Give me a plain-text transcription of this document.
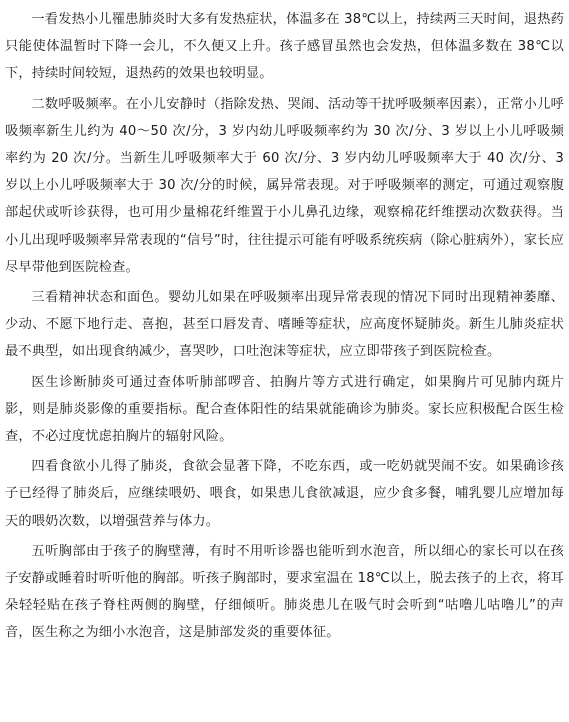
一看发热小儿罹患肺炎时大多有发热症状，体温多在 38℃以上，持续两三天时间，退热药只能使体温暂时下降一会儿，不久便又上升。孩子感冒虽然也会发热，但体温多数在 38℃以下，持续时间较短，退热药的效果也较明显。

二数呼吸频率。在小儿安静时（指除发热、哭闹、活动等干扰呼吸频率因素），正常小儿呼吸频率新生儿约为 40～50 次/分，3 岁内幼儿呼吸频率约为 30 次/分、3 岁以上小儿呼吸频率约为 20 次/分。当新生儿呼吸频率大于 60 次/分、3 岁内幼儿呼吸频率大于 40 次/分、3 岁以上小儿呼吸频率大于 30 次/分的时候，属异常表现。对于呼吸频率的测定，可通过观察腹部起伏或听诊获得，也可用少量棉花纤维置于小儿鼻孔边缘，观察棉花纤维摆动次数获得。当小儿出现呼吸频率异常表现的“信号”时，往往提示可能有呼吸系统疾病（除心脏病外），家长应尽早带他到医院检查。

三看精神状态和面色。婴幼儿如果在呼吸频率出现异常表现的情况下同时出现精神萎靡、少动、不愿下地行走、喜抱，甚至口唇发青、嗜睡等症状，应高度怀疑肺炎。新生儿肺炎症状最不典型，如出现食纳减少，喜哭吵，口吐泡沫等症状，应立即带孩子到医院检查。

医生诊断肺炎可通过查体听肺部啰音、拍胸片等方式进行确定，如果胸片可见肺内斑片影，则是肺炎影像的重要指标。配合查体阳性的结果就能确诊为肺炎。家长应积极配合医生检查，不必过度忧虑拍胸片的辐射风险。

四看食欲小儿得了肺炎，食欲会显著下降，不吃东西，或一吃奶就哭闹不安。如果确诊孩子已经得了肺炎后，应继续喂奶、喂食，如果患儿食欲减退，应少食多餐，哺乳婴儿应增加每天的喂奶次数，以增强营养与体力。

五听胸部由于孩子的胸壁薄，有时不用听诊器也能听到水泡音，所以细心的家长可以在孩子安静或睡着时听听他的胸部。听孩子胸部时，要求室温在 18℃以上，脱去孩子的上衣，将耳朵轻轻贴在孩子脊柱两侧的胸壁，仔细倾听。肺炎患儿在吸气时会听到“咕噜儿咕噜儿”的声音，医生称之为细小水泡音，这是肺部发炎的重要体征。
